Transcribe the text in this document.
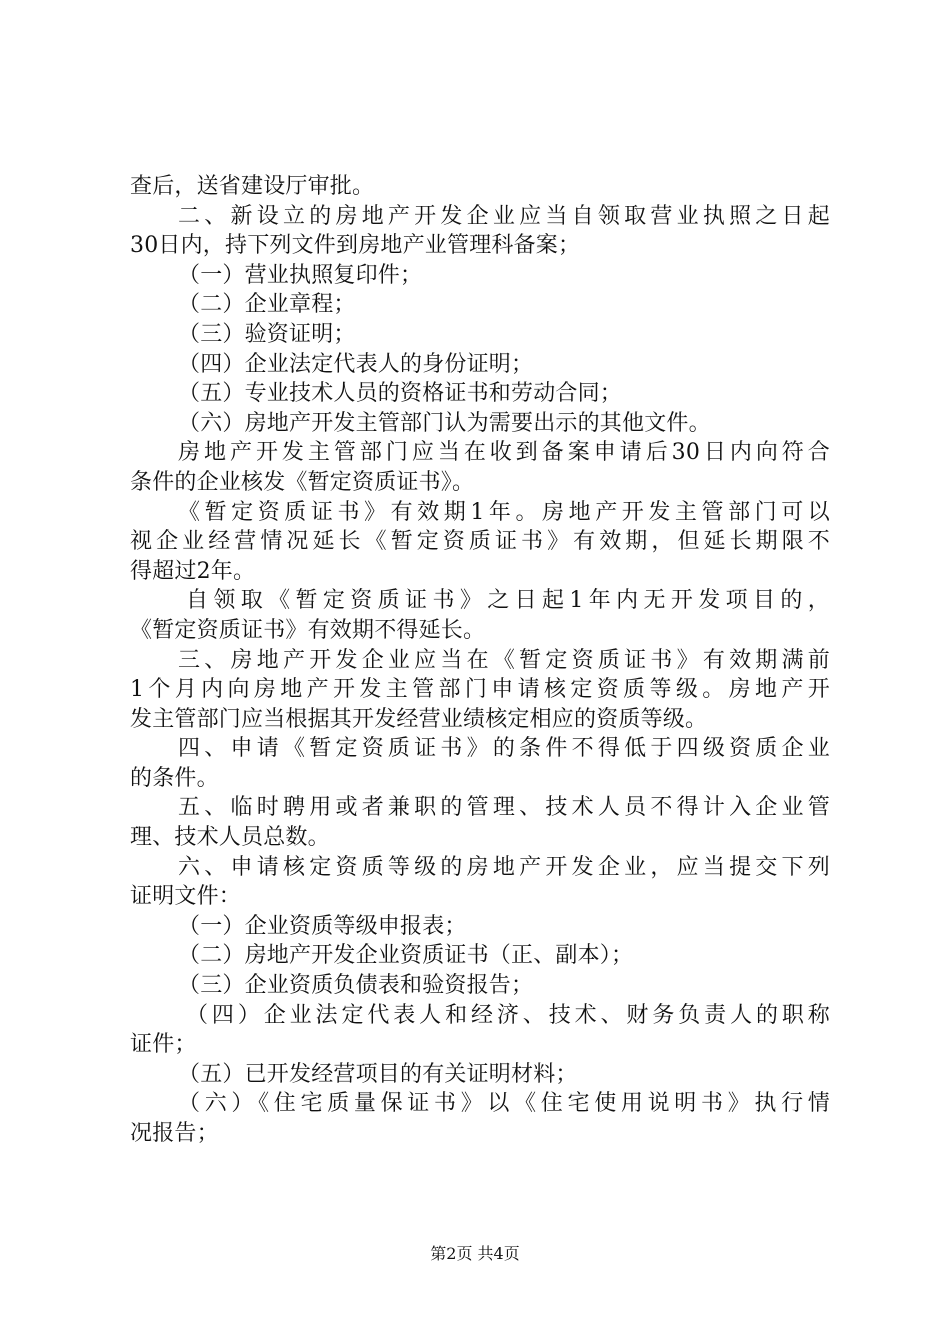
查后，送省建设厅审批。
二、新设立的房地产开发企业应当自领取营业执照之日起
30日内，持下列文件到房地产业管理科备案；
（一）营业执照复印件；
（二）企业章程；
（三）验资证明；
（四）企业法定代表人的身份证明；
（五）专业技术人员的资格证书和劳动合同；
（六）房地产开发主管部门认为需要出示的其他文件。
房地产开发主管部门应当在收到备案申请后30日内向符合
条件的企业核发《暂定资质证书》。
《暂定资质证书》有效期1年。房地产开发主管部门可以
视企业经营情况延长《暂定资质证书》有效期，但延长期限不
得超过2年。
自领取《暂定资质证书》之日起1年内无开发项目的，
《暂定资质证书》有效期不得延长。
三、房地产开发企业应当在《暂定资质证书》有效期满前
1个月内向房地产开发主管部门申请核定资质等级。房地产开
发主管部门应当根据其开发经营业绩核定相应的资质等级。
四、申请《暂定资质证书》的条件不得低于四级资质企业
的条件。
五、临时聘用或者兼职的管理、技术人员不得计入企业管
理、技术人员总数。
六、申请核定资质等级的房地产开发企业，应当提交下列
证明文件：
（一）企业资质等级申报表；
（二）房地产开发企业资质证书（正、副本）；
（三）企业资质负债表和验资报告；
（四）企业法定代表人和经济、技术、财务负责人的职称
证件；
（五）已开发经营项目的有关证明材料；
（六）《住宅质量保证书》以《住宅使用说明书》执行情
况报告；
第2页 共4页
